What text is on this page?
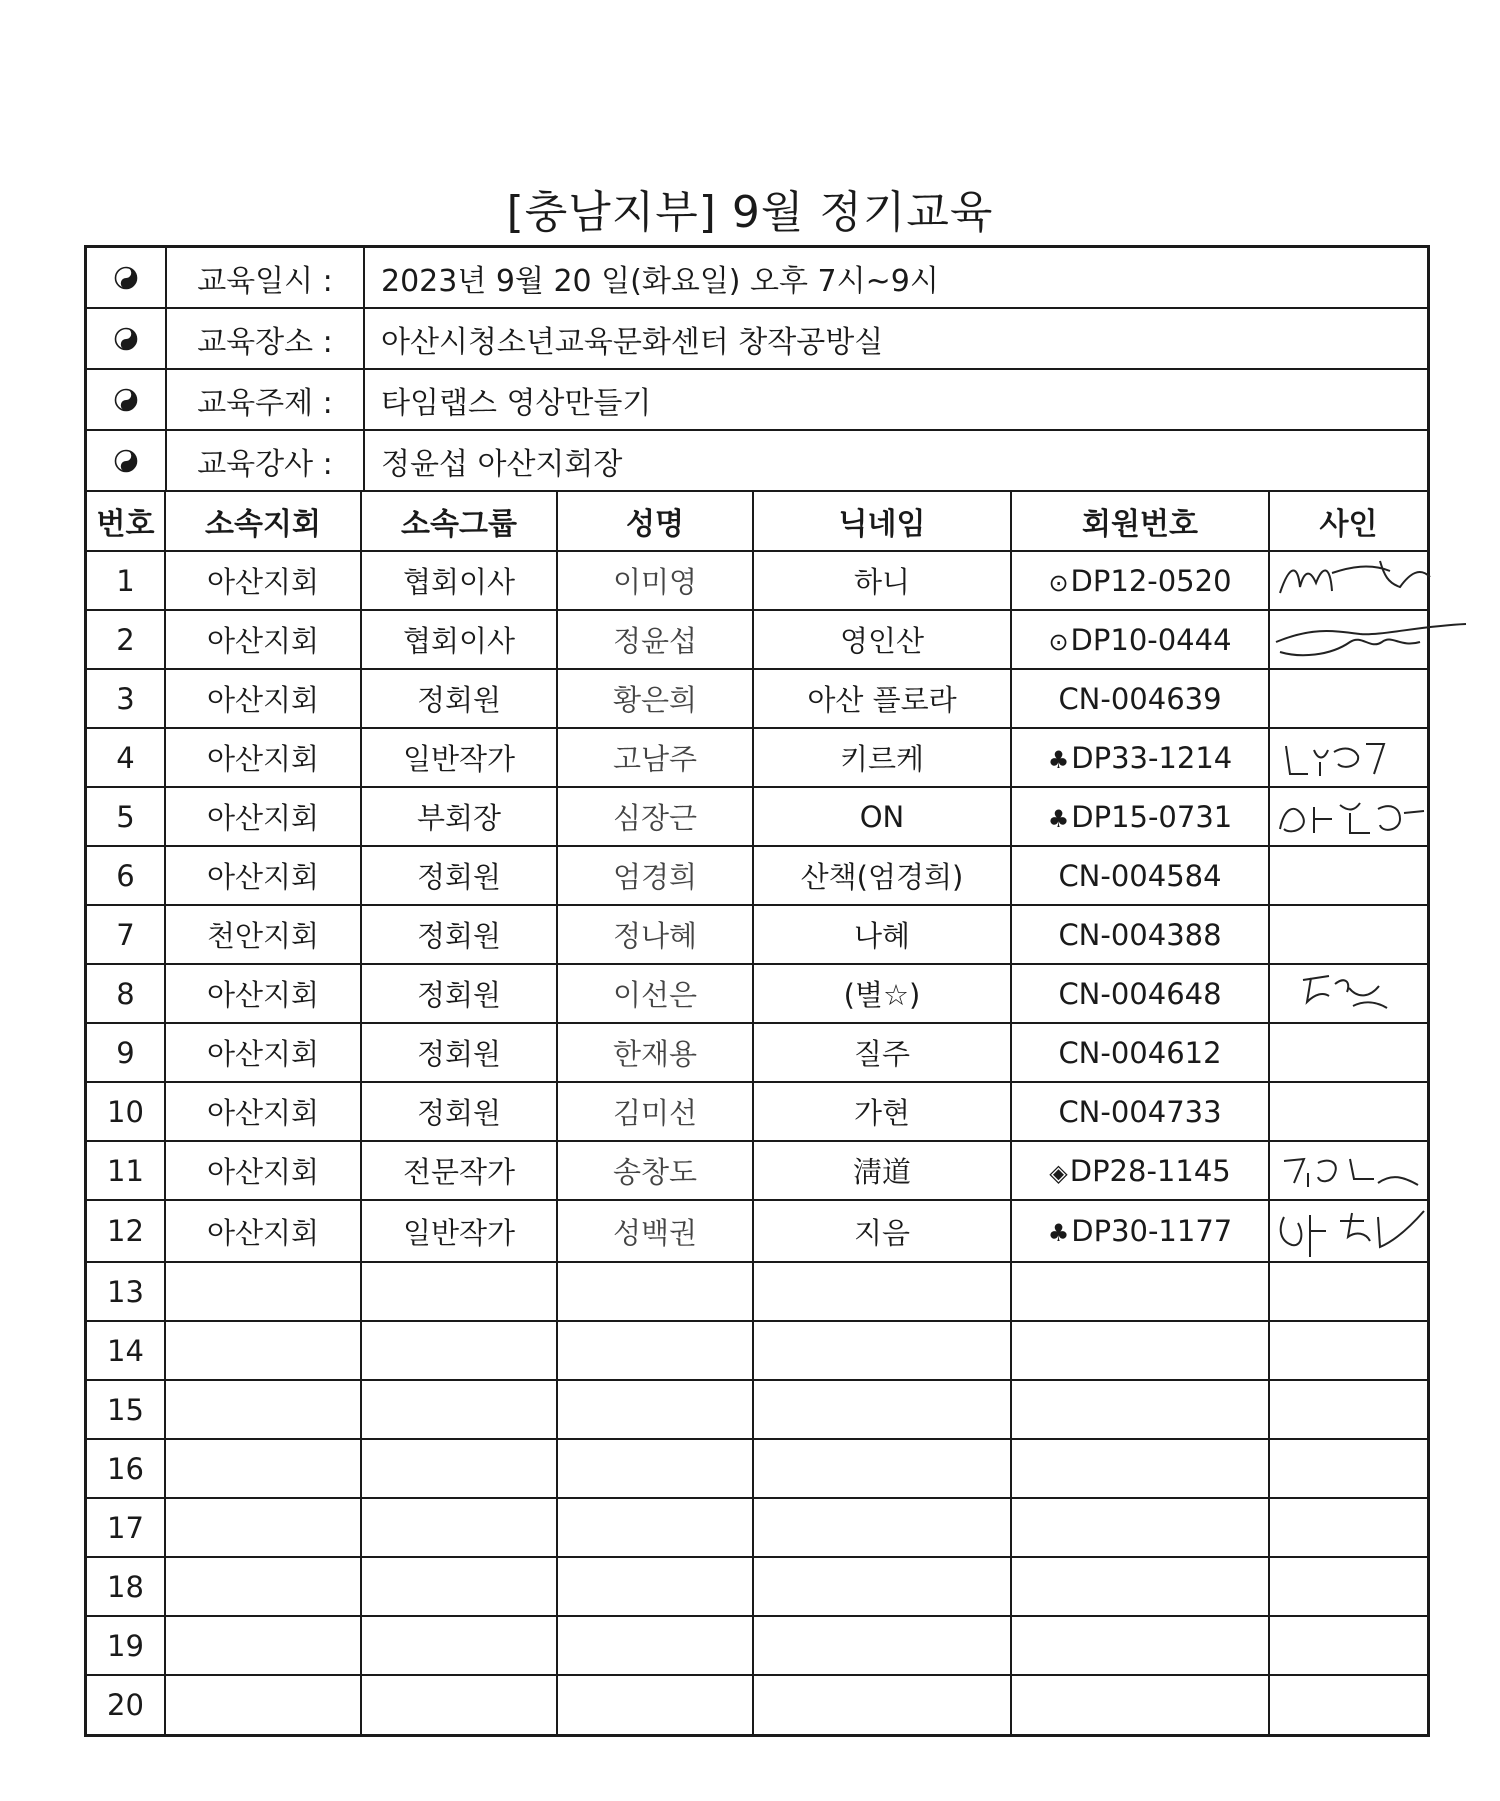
[충남지부] 9월 정기교육
교육일시 :	2023년 9월 20 일(화요일) 오후 7시~9시
교육장소 :	아산시청소년교육문화센터 창작공방실
교육주제 :	타임랩스 영상만들기
교육강사 :	정윤섭 아산지회장
번호	소속지회	소속그룹	성명	닉네임	회원번호	사인
1	아산지회	협회이사	이미영	하니	⊙DP12-0520	

2	아산지회	협회이사	정윤섭	영인산	⊙DP10-0444	

3	아산지회	정회원	황은희	아산 플로라	CN-004639	
4	아산지회	일반작가	고남주	키르케	♣DP33-1214	

5	아산지회	부회장	심장근	ON	♣DP15-0731	

6	아산지회	정회원	엄경희	산책(엄경희)	CN-004584	
7	천안지회	정회원	정나혜	나혜	CN-004388	
8	아산지회	정회원	이선은	(별☆)	CN-004648	

9	아산지회	정회원	한재용	질주	CN-004612	
10	아산지회	정회원	김미선	가현	CN-004733	
11	아산지회	전문작가	송창도	淸道	◈DP28-1145	

12	아산지회	일반작가	성백권	지음	♣DP30-1177	

13						
14						
15						
16						
17						
18						
19						
20						
